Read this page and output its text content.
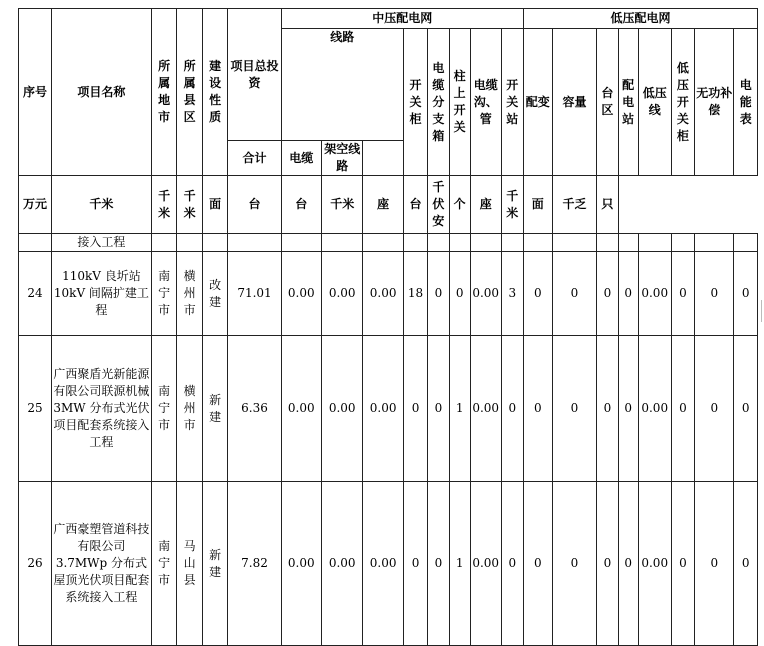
序号	项目名称	所属地市	所属县区	建设性质	项目总投资	中压配电网								低压配电网							
						线路			开关柜	电缆分支箱	柱上开关	电缆沟、管	开关站	配变	容量	台区	配电站	低压线	低压开关柜	无功补偿	电能表
					合计	电缆	架空线路														
万元	千米	千米	千米	面	台	台	千米	座	台	千伏安	个	座	千米	面	千乏	只					
	接入工程																				
24	110kV 良圻站 10kV 间隔扩建工程	南宁市	横州市	改建	71.01	0.00	0.00	0.00	18	0	0	0.00	3	0	0	0	0	0.00	0	0	0
25	广西聚盾光新能源有限公司联源机械 3MW 分布式光伏项目配套系统接入工程	南宁市	横州市	新建	6.36	0.00	0.00	0.00	0	0	1	0.00	0	0	0	0	0	0.00	0	0	0
26	广西豪塑管道科技有限公司 3.7MWp 分布式屋顶光伏项目配套系统接入工程	南宁市	马山县	新建	7.82	0.00	0.00	0.00	0	0	1	0.00	0	0	0	0	0	0.00	0	0	0
